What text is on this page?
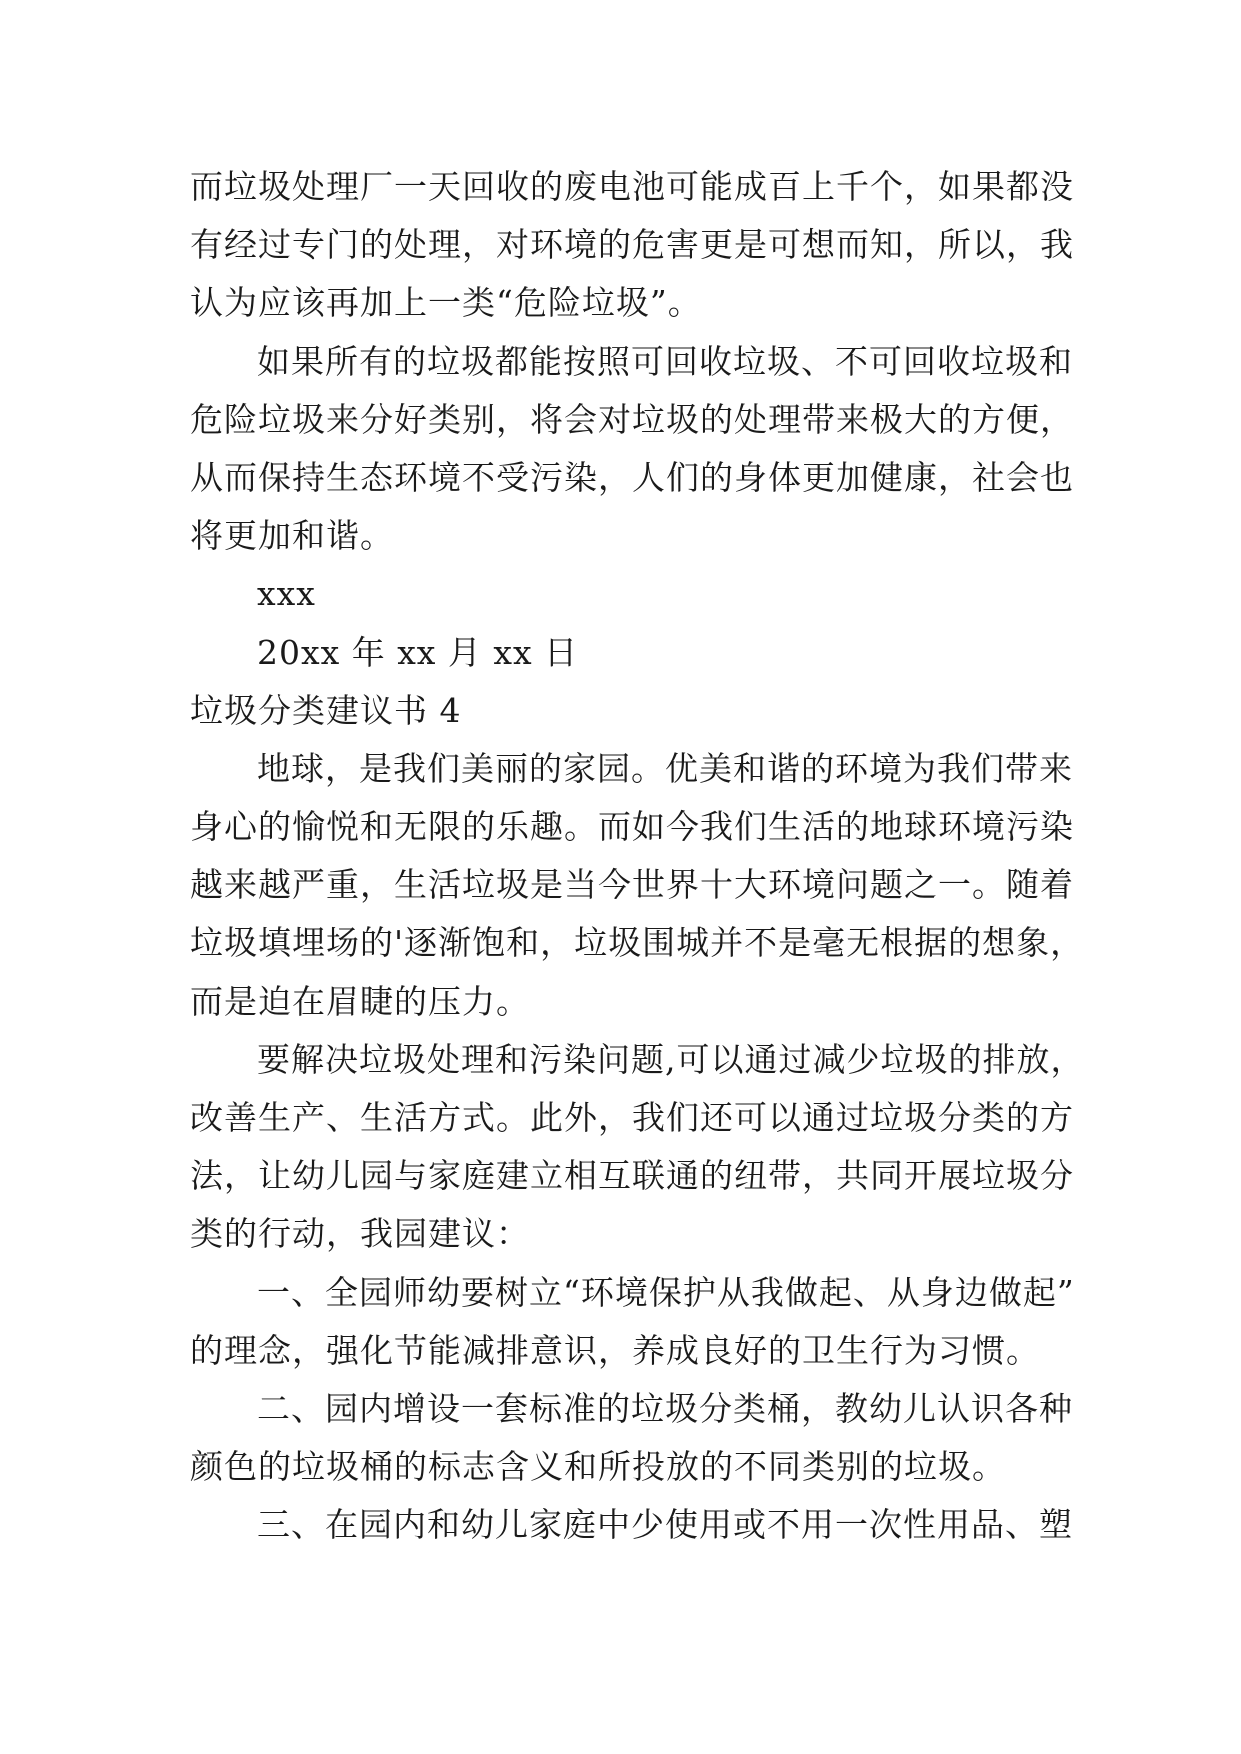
而垃圾处理厂一天回收的废电池可能成百上千个，如果都没
有经过专门的处理，对环境的危害更是可想而知，所以，我
认为应该再加上一类“危险垃圾”。
如果所有的垃圾都能按照可回收垃圾、不可回收垃圾和
危险垃圾来分好类别，将会对垃圾的处理带来极大的方便，
从而保持生态环境不受污染，人们的身体更加健康，社会也
将更加和谐。
xxx
20xx 年 xx 月 xx 日
垃圾分类建议书 4
地球，是我们美丽的家园。优美和谐的环境为我们带来
身心的愉悦和无限的乐趣。而如今我们生活的地球环境污染
越来越严重，生活垃圾是当今世界十大环境问题之一。随着
垃圾填埋场的'逐渐饱和，垃圾围城并不是毫无根据的想象，
而是迫在眉睫的压力。
要解决垃圾处理和污染问题,可以通过减少垃圾的排放，
改善生产、生活方式。此外，我们还可以通过垃圾分类的方
法，让幼儿园与家庭建立相互联通的纽带，共同开展垃圾分
类的行动，我园建议：
一、全园师幼要树立“环境保护从我做起、从身边做起”
的理念，强化节能减排意识，养成良好的卫生行为习惯。
二、园内增设一套标准的垃圾分类桶，教幼儿认识各种
颜色的垃圾桶的标志含义和所投放的不同类别的垃圾。
三、在园内和幼儿家庭中少使用或不用一次性用品、塑
